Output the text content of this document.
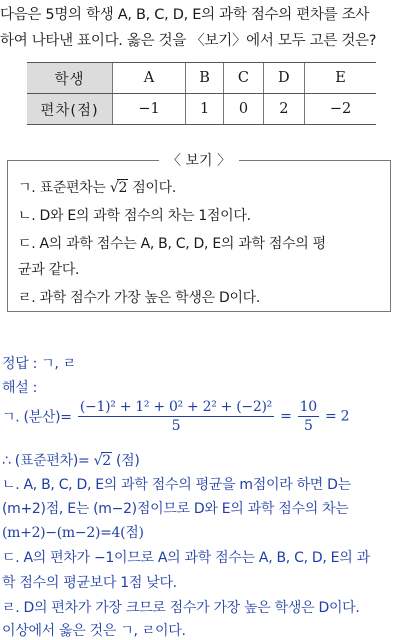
다음은 5명의 학생 A, B, C, D, E의 과학 점수의 편차를 조사
하여 나타낸 표이다. 옳은 것을 〈보기〉에서 모두 고른 것은?
학생	A	B	C	D	E
편차(점)	−1	1	0	2	−2
〈 보기 〉
ㄱ. 표준편차는 √2 점이다.
ㄴ. D와 E의 과학 점수의 차는 1점이다.
ㄷ. A의 과학 점수는 A, B, C, D, E의 과학 점수의 평
균과 같다.
ㄹ. 과학 점수가 가장 높은 학생은 D이다.
정답 : ㄱ, ㄹ
해설 :
ㄱ. (분산)= $\frac{\text{(−1)² + 1² + 0² + 2² + (−2)²}}{5} = \frac{10}{5} = 2$
∴ (표준편차)= √2 (점)
ㄴ. A, B, C, D, E의 과학 점수의 평균을 m점이라 하면 D는
(m+2)점, E는 (m−2)점이므로 D와 E의 과학 점수의 차는
(m+2)−(m−2)=4(점)
ㄷ. A의 편차가 −1이므로 A의 과학 점수는 A, B, C, D, E의 과
학 점수의 평균보다 1점 낮다.
ㄹ. D의 편차가 가장 크므로 점수가 가장 높은 학생은 D이다.
이상에서 옳은 것은 ㄱ, ㄹ이다.
